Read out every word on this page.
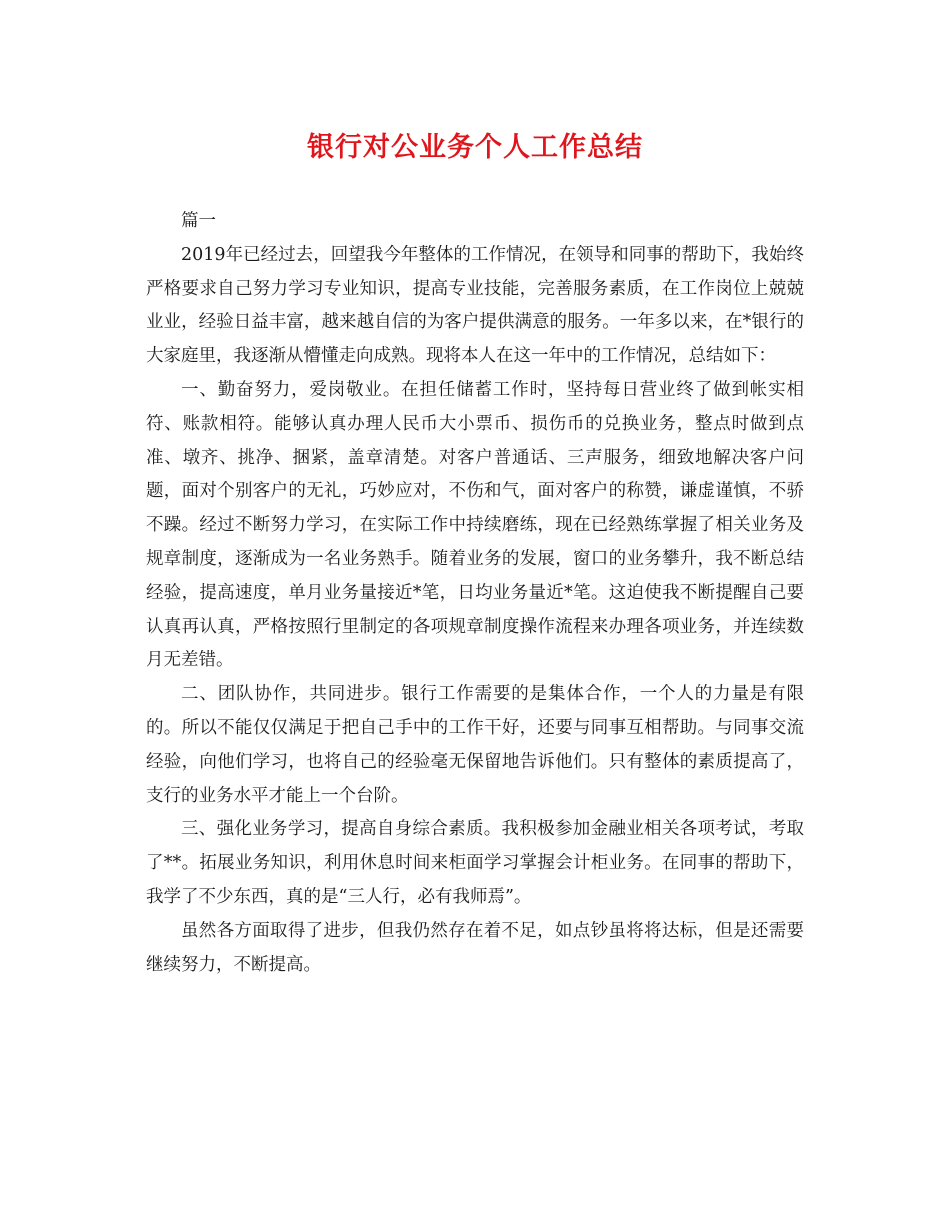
银行对公业务个人工作总结

篇一

2019年已经过去，回望我今年整体的工作情况，在领导和同事的帮助下，我始终严格要求自己努力学习专业知识，提高专业技能，完善服务素质，在工作岗位上兢兢业业，经验日益丰富，越来越自信的为客户提供满意的服务。一年多以来，在*银行的大家庭里，我逐渐从懵懂走向成熟。现将本人在这一年中的工作情况，总结如下：

一、勤奋努力，爱岗敬业。在担任储蓄工作时，坚持每日营业终了做到帐实相符、账款相符。能够认真办理人民币大小票币、损伤币的兑换业务，整点时做到点准、墩齐、挑净、捆紧，盖章清楚。对客户普通话、三声服务，细致地解决客户问题，面对个别客户的无礼，巧妙应对，不伤和气，面对客户的称赞，谦虚谨慎，不骄不躁。经过不断努力学习，在实际工作中持续磨练，现在已经熟练掌握了相关业务及规章制度，逐渐成为一名业务熟手。随着业务的发展，窗口的业务攀升，我不断总结经验，提高速度，单月业务量接近*笔，日均业务量近*笔。这迫使我不断提醒自己要认真再认真，严格按照行里制定的各项规章制度操作流程来办理各项业务，并连续数月无差错。

二、团队协作，共同进步。银行工作需要的是集体合作，一个人的力量是有限的。所以不能仅仅满足于把自己手中的工作干好，还要与同事互相帮助。与同事交流经验，向他们学习，也将自己的经验毫无保留地告诉他们。只有整体的素质提高了，支行的业务水平才能上一个台阶。

三、强化业务学习，提高自身综合素质。我积极参加金融业相关各项考试，考取了**。拓展业务知识，利用休息时间来柜面学习掌握会计柜业务。在同事的帮助下，我学了不少东西，真的是“三人行，必有我师焉”。

虽然各方面取得了进步，但我仍然存在着不足，如点钞虽将将达标，但是还需要继续努力，不断提高。
